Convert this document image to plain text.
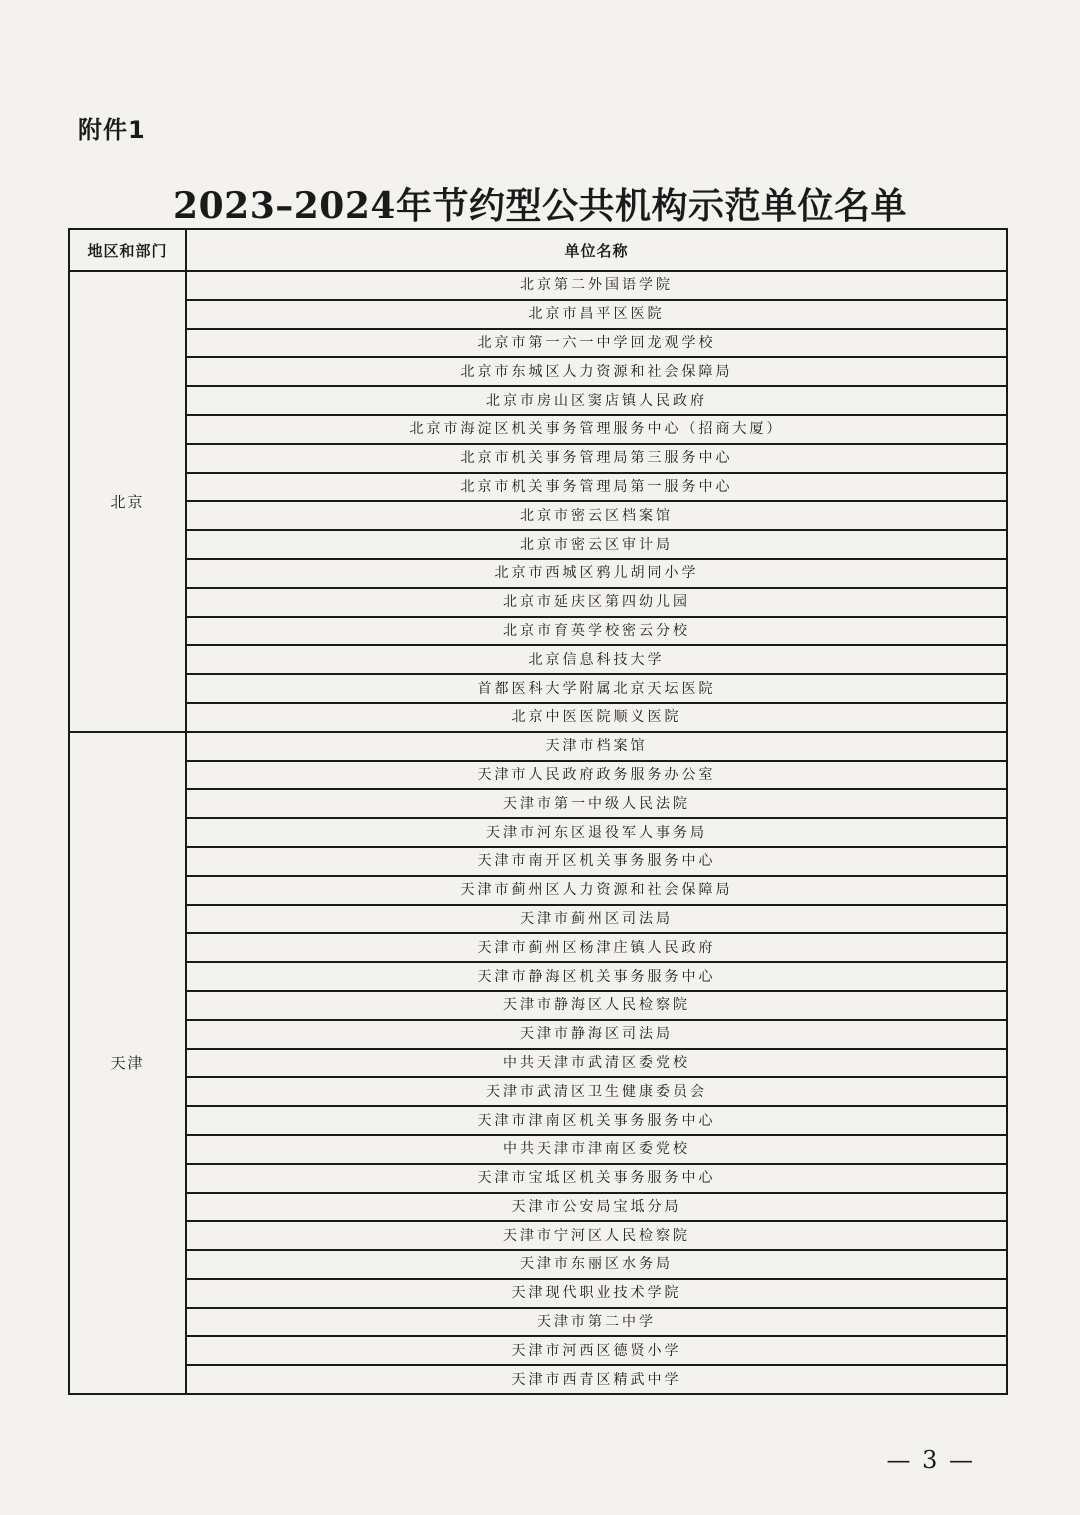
附件1
2023–2024年节约型公共机构示范单位名单
地区和部门	单位名称
北京	北京第二外国语学院
	北京市昌平区医院
	北京市第一六一中学回龙观学校
	北京市东城区人力资源和社会保障局
	北京市房山区窦店镇人民政府
	北京市海淀区机关事务管理服务中心（招商大厦）
	北京市机关事务管理局第三服务中心
	北京市机关事务管理局第一服务中心
	北京市密云区档案馆
	北京市密云区审计局
	北京市西城区鸦儿胡同小学
	北京市延庆区第四幼儿园
	北京市育英学校密云分校
	北京信息科技大学
	首都医科大学附属北京天坛医院
	北京中医医院顺义医院
天津	天津市档案馆
	天津市人民政府政务服务办公室
	天津市第一中级人民法院
	天津市河东区退役军人事务局
	天津市南开区机关事务服务中心
	天津市蓟州区人力资源和社会保障局
	天津市蓟州区司法局
	天津市蓟州区杨津庄镇人民政府
	天津市静海区机关事务服务中心
	天津市静海区人民检察院
	天津市静海区司法局
	中共天津市武清区委党校
	天津市武清区卫生健康委员会
	天津市津南区机关事务服务中心
	中共天津市津南区委党校
	天津市宝坻区机关事务服务中心
	天津市公安局宝坻分局
	天津市宁河区人民检察院
	天津市东丽区水务局
	天津现代职业技术学院
	天津市第二中学
	天津市河西区德贤小学
	天津市西青区精武中学
— 3 —
